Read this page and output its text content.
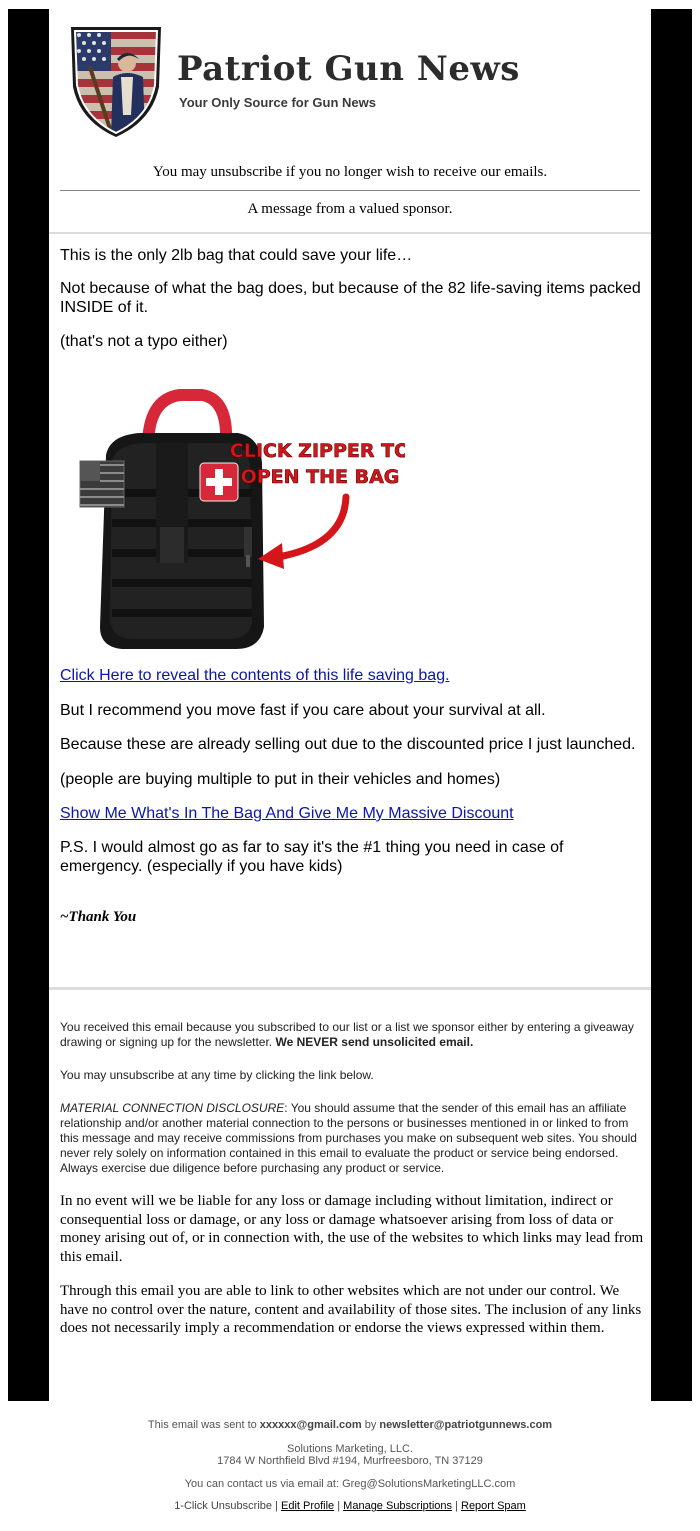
Patriot Gun News
Your Only Source for Gun News
You may unsubscribe if you no longer wish to receive our emails.
A message from a valued sponsor.

This is the only 2lb bag that could save your life…

Not because of what the bag does, but because of the 82 life-saving items packed INSIDE of it.

(that's not a typo either)

CLICK ZIPPER TO
OPEN THE BAG
Click Here to reveal the contents of this life saving bag.

But I recommend you move fast if you care about your survival at all.

Because these are already selling out due to the discounted price I just launched.

(people are buying multiple to put in their vehicles and homes)

Show Me What's In The Bag And Give Me My Massive Discount

P.S. I would almost go as far to say it's the #1 thing you need in case of emergency. (especially if you have kids)

~Thank You

You received this email because you subscribed to our list or a list we sponsor either by entering a giveaway drawing or signing up for the newsletter. We NEVER send unsolicited email.

You may unsubscribe at any time by clicking the link below.

MATERIAL CONNECTION DISCLOSURE: You should assume that the sender of this email has an affiliate relationship and/or another material connection to the persons or businesses mentioned in or linked to from this message and may receive commissions from purchases you make on subsequent web sites. You should never rely solely on information contained in this email to evaluate the product or service being endorsed. Always exercise due diligence before purchasing any product or service.

In no event will we be liable for any loss or damage including without limitation, indirect or consequential loss or damage, or any loss or damage whatsoever arising from loss of data or money arising out of, or in connection with, the use of the websites to which links may lead from this email.

Through this email you are able to link to other websites which are not under our control. We have no control over the nature, content and availability of those sites. The inclusion of any links does not necessarily imply a recommendation or endorse the views expressed within them.

This email was sent to xxxxxx@gmail.com by newsletter@patriotgunnews.com
Solutions Marketing, LLC.
1784 W Northfield Blvd #194, Murfreesboro, TN 37129
You can contact us via email at: Greg@SolutionsMarketingLLC.com
1-Click Unsubscribe | Edit Profile | Manage Subscriptions | Report Spam
